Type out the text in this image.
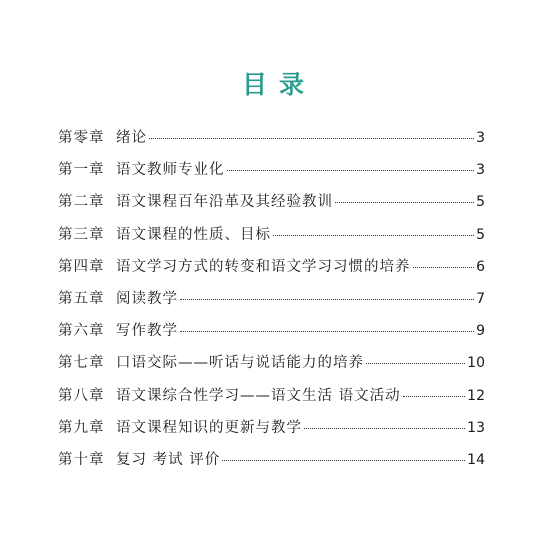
目录
第零章 绪论	3
第一章 语文教师专业化	3
第二章 语文课程百年沿革及其经验教训	5
第三章 语文课程的性质、目标	5
第四章 语文学习方式的转变和语文学习习惯的培养	6
第五章 阅读教学	7
第六章 写作教学	9
第七章 口语交际——听话与说话能力的培养	10
第八章 语文课综合性学习——语文生活 语文活动	12
第九章 语文课程知识的更新与教学	13
第十章 复习 考试 评价	14
